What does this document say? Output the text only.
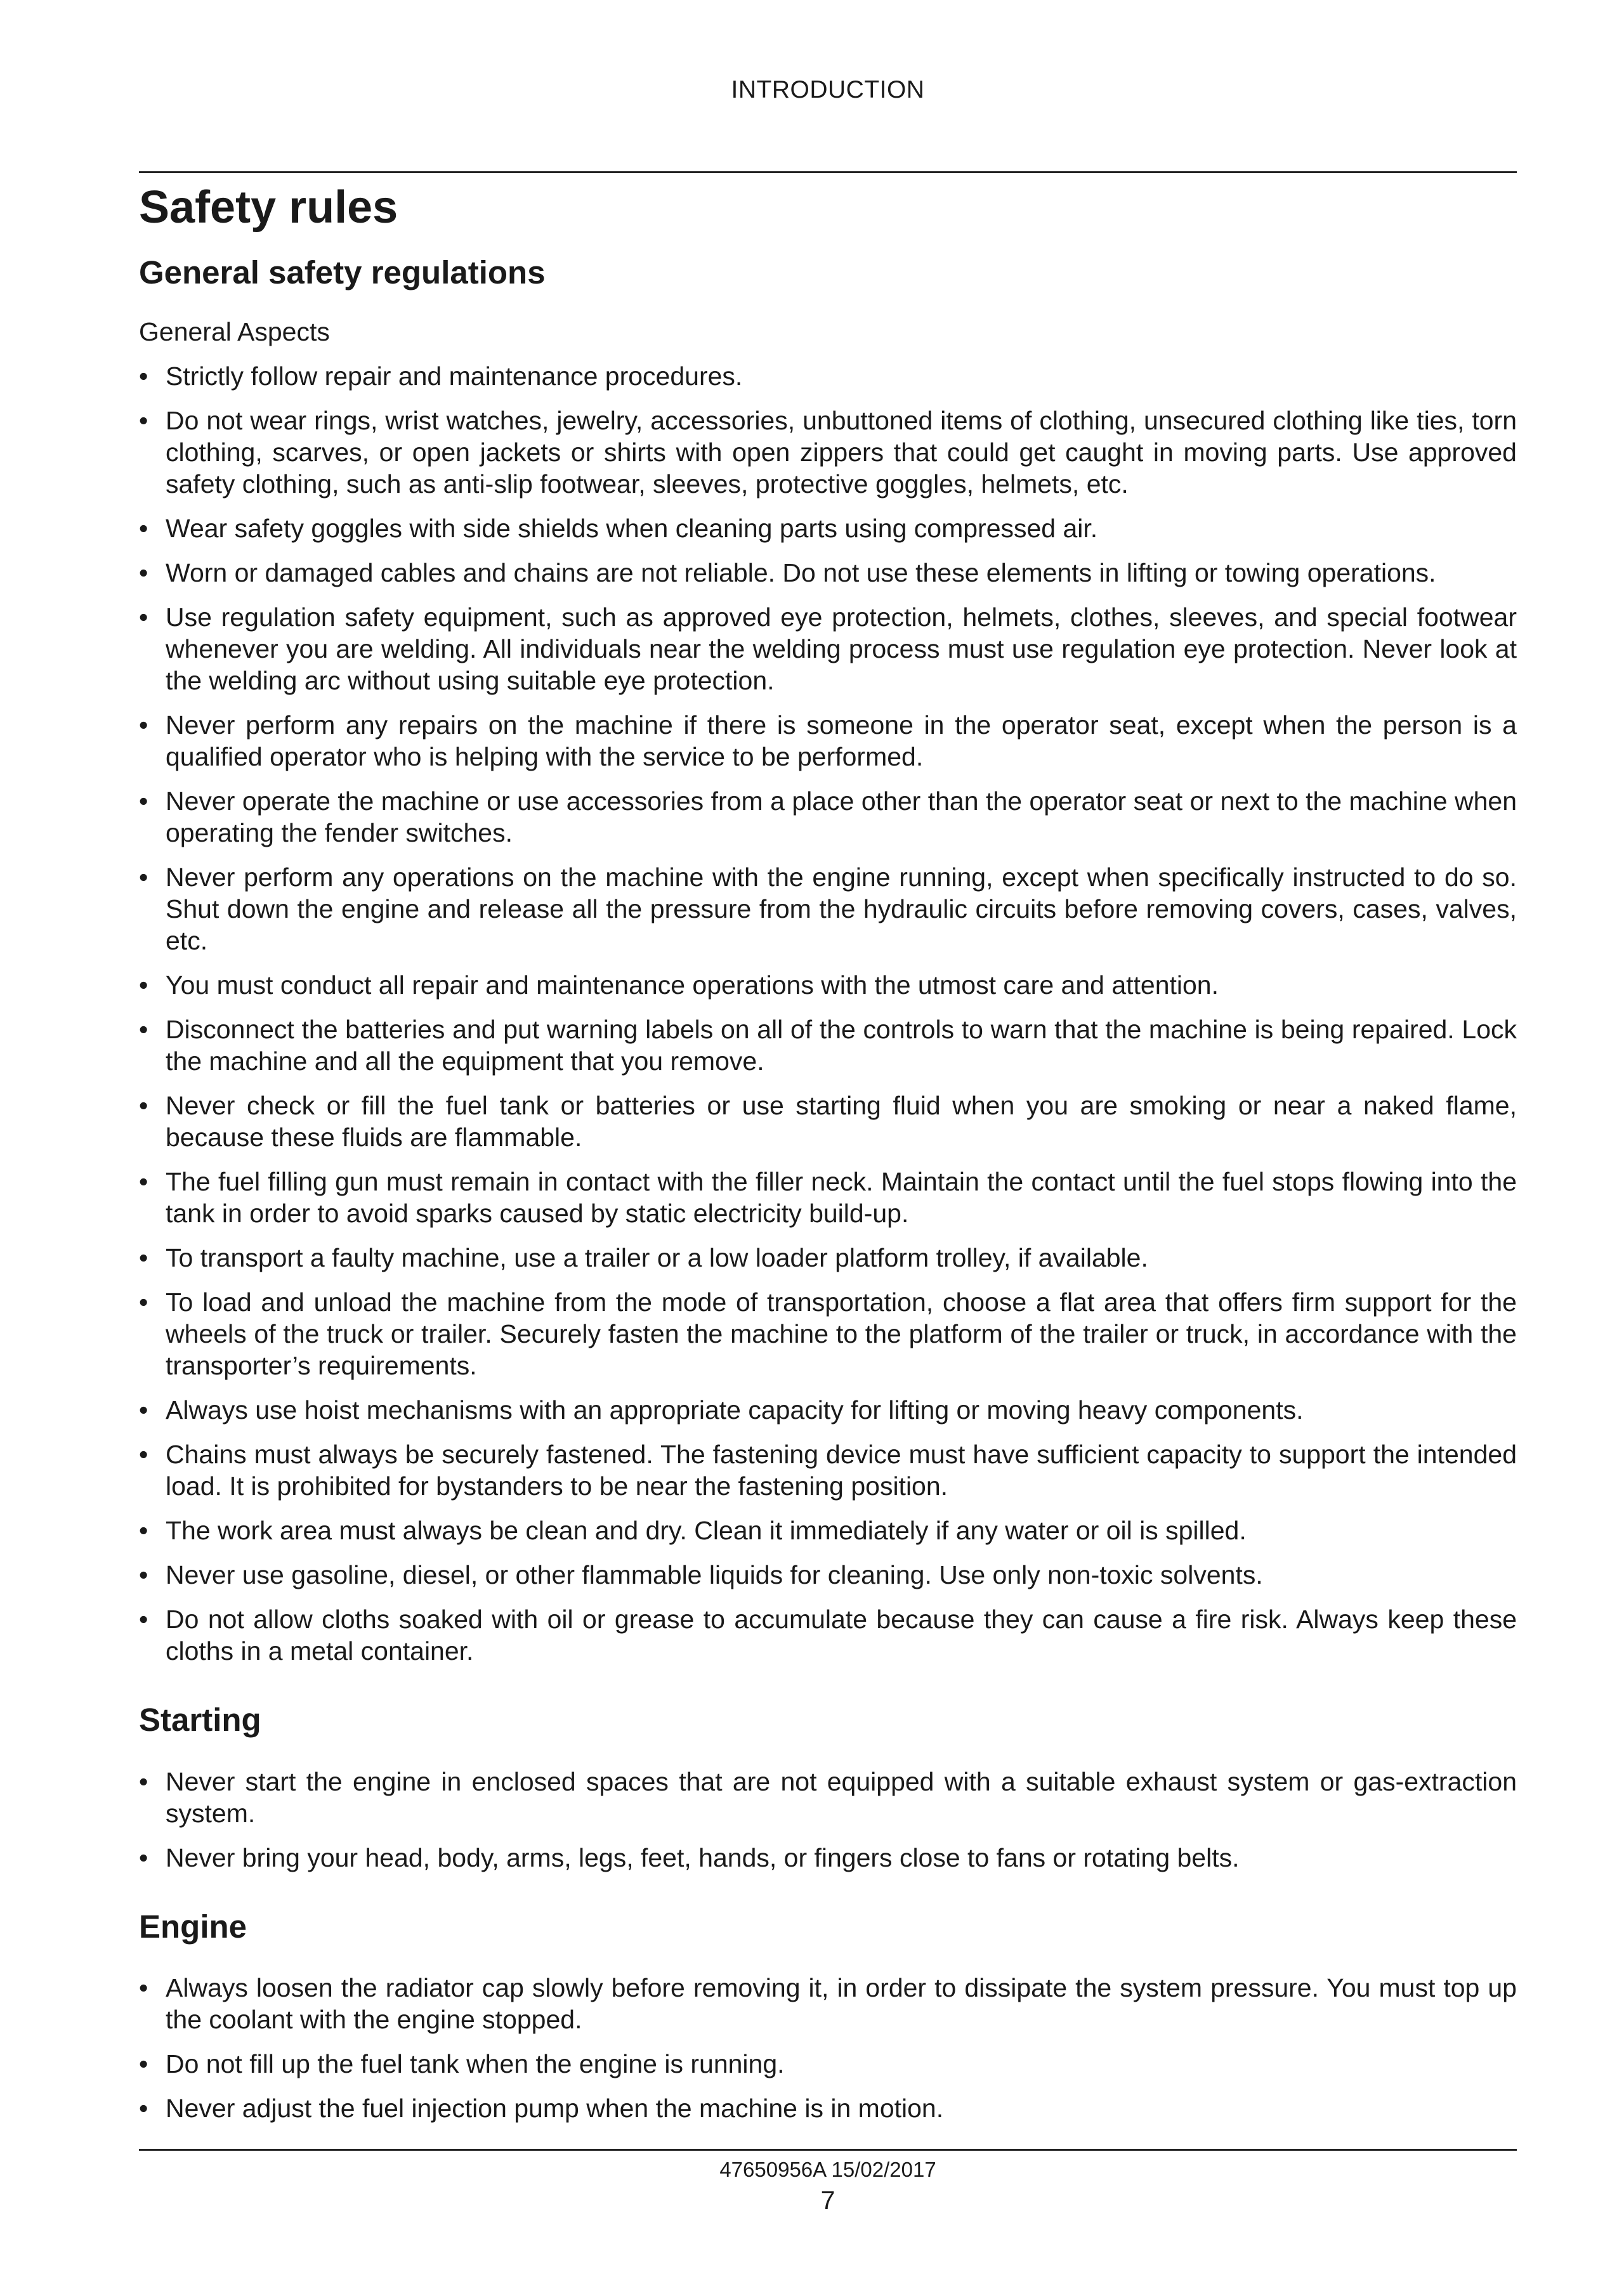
INTRODUCTION
Safety rules
General safety regulations

General Aspects

• Strictly follow repair and maintenance procedures.
• Do not wear rings, wrist watches, jewelry, accessories, unbuttoned items of clothing, unsecured clothing like ties, torn clothing, scarves, or open jackets or shirts with open zippers that could get caught in moving parts. Use approved safety clothing, such as anti-slip footwear, sleeves, protective goggles, helmets, etc.
• Wear safety goggles with side shields when cleaning parts using compressed air.
• Worn or damaged cables and chains are not reliable. Do not use these elements in lifting or towing operations.
• Use regulation safety equipment, such as approved eye protection, helmets, clothes, sleeves, and special footwear whenever you are welding. All individuals near the welding process must use regulation eye protection. Never look at the welding arc without using suitable eye protection.
• Never perform any repairs on the machine if there is someone in the operator seat, except when the person is a qualified operator who is helping with the service to be performed.
• Never operate the machine or use accessories from a place other than the operator seat or next to the machine when operating the fender switches.
• Never perform any operations on the machine with the engine running, except when specifically instructed to do so. Shut down the engine and release all the pressure from the hydraulic circuits before removing covers, cases, valves, etc.
• You must conduct all repair and maintenance operations with the utmost care and attention.
• Disconnect the batteries and put warning labels on all of the controls to warn that the machine is being repaired. Lock the machine and all the equipment that you remove.
• Never check or fill the fuel tank or batteries or use starting fluid when you are smoking or near a naked flame, because these fluids are flammable.
• The fuel filling gun must remain in contact with the filler neck. Maintain the contact until the fuel stops flowing into the tank in order to avoid sparks caused by static electricity build-up.
• To transport a faulty machine, use a trailer or a low loader platform trolley, if available.
• To load and unload the machine from the mode of transportation, choose a flat area that offers firm support for the wheels of the truck or trailer. Securely fasten the machine to the platform of the trailer or truck, in accordance with the transporter’s requirements.
• Always use hoist mechanisms with an appropriate capacity for lifting or moving heavy components.
• Chains must always be securely fastened. The fastening device must have sufficient capacity to support the intended load. It is prohibited for bystanders to be near the fastening position.
• The work area must always be clean and dry. Clean it immediately if any water or oil is spilled.
• Never use gasoline, diesel, or other flammable liquids for cleaning. Use only non-toxic solvents.
• Do not allow cloths soaked with oil or grease to accumulate because they can cause a fire risk. Always keep these cloths in a metal container.
Starting
• Never start the engine in enclosed spaces that are not equipped with a suitable exhaust system or gas-extraction system.
• Never bring your head, body, arms, legs, feet, hands, or fingers close to fans or rotating belts.
Engine
• Always loosen the radiator cap slowly before removing it, in order to dissipate the system pressure. You must top up the coolant with the engine stopped.
• Do not fill up the fuel tank when the engine is running.
• Never adjust the fuel injection pump when the machine is in motion.
47650956A 15/02/2017
7
